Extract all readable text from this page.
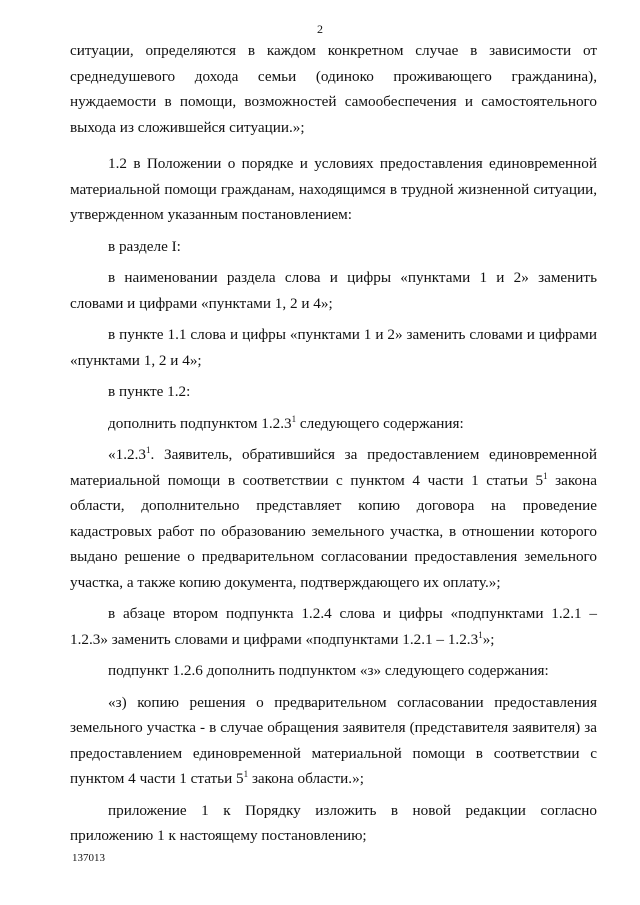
2

ситуации, определяются в каждом конкретном случае в зависимости от среднедушевого дохода семьи (одиноко проживающего гражданина), нуждаемости в помощи, возможностей самообеспечения и самостоятельного выхода из сложившейся ситуации.»;

1.2 в Положении о порядке и условиях предоставления единовременной материальной помощи гражданам, находящимся в трудной жизненной ситуации, утвержденном указанным постановлением:

в разделе I:

в наименовании раздела слова и цифры «пунктами 1 и 2» заменить словами и цифрами «пунктами 1, 2 и 4»;

в пункте 1.1 слова и цифры «пунктами 1 и 2» заменить словами и цифрами «пунктами 1, 2 и 4»;

в пункте 1.2:

дополнить подпунктом 1.2.3$^1$ следующего содержания:

«1.2.3$^1$. Заявитель, обратившийся за предоставлением единовременной материальной помощи в соответствии с пунктом 4 части 1 статьи $5^1$ закона области, дополнительно представляет копию договора на проведение кадастровых работ по образованию земельного участка, в отношении которого выдано решение о предварительном согласовании предоставления земельного участка, а также копию документа, подтверждающего их оплату.»;

в абзаце втором подпункта 1.2.4 слова и цифры «подпунктами 1.2.1 – 1.2.3» заменить словами и цифрами «подпунктами 1.2.1 – 1.2.3$^1$»;

подпункт 1.2.6 дополнить подпунктом «з» следующего содержания:

«з) копию решения о предварительном согласовании предоставления земельного участка - в случае обращения заявителя (представителя заявителя) за предоставлением единовременной материальной помощи в соответствии с пунктом 4 части 1 статьи $5^1$ закона области.»;

приложение 1 к Порядку изложить в новой редакции согласно приложению 1 к настоящему постановлению;

137013
